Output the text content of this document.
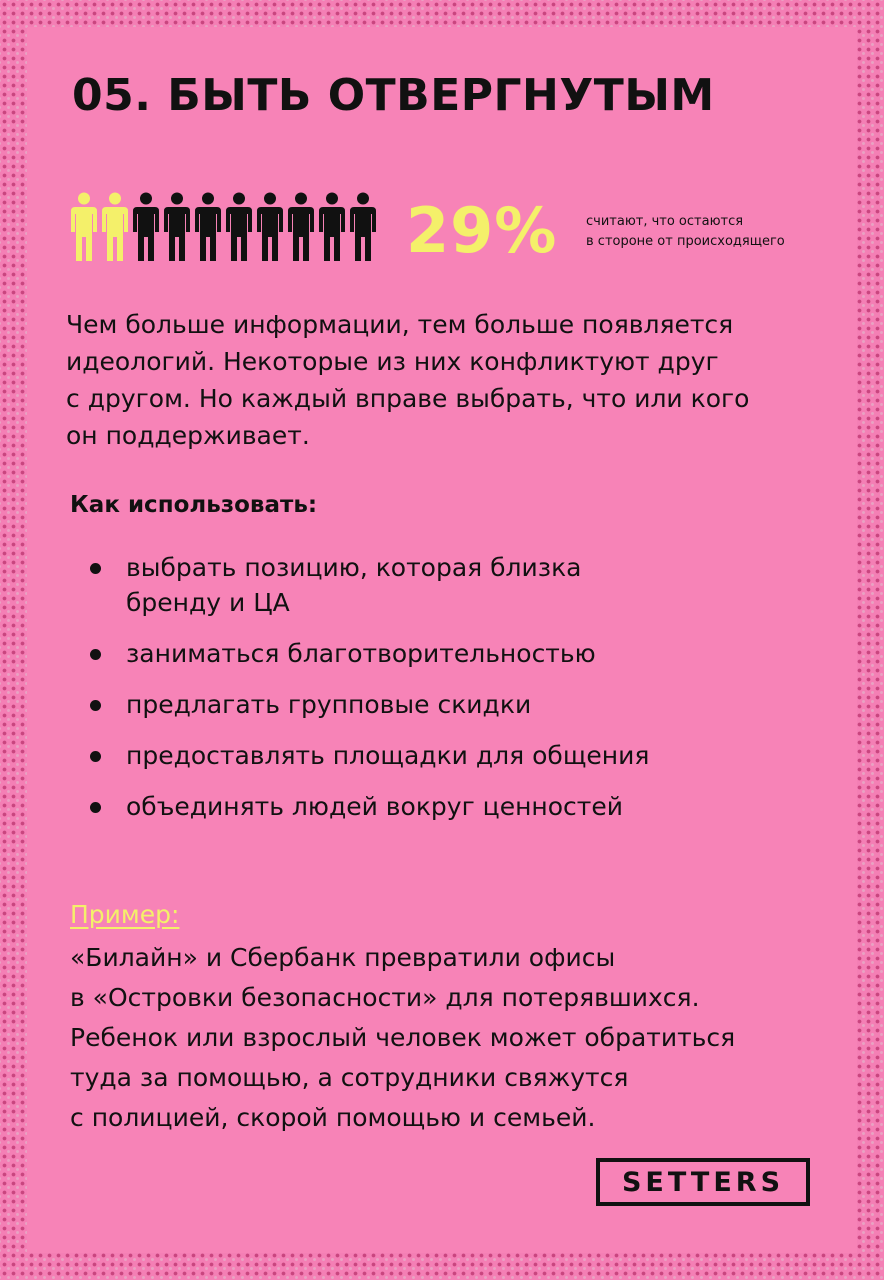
05. БЫТЬ ОТВЕРГНУТЫМ
29% считают, что остаются
в стороне от происходящего
Чем больше информации, тем больше появляется
идеологий. Некоторые из них конфликтуют друг
с другом. Но каждый вправе выбрать, что или кого
он поддерживает.
Как использовать:
выбрать позицию, которая близка
бренду и ЦА
заниматься благотворительностью
предлагать групповые скидки
предоставлять площадки для общения
объединять людей вокруг ценностей
Пример:
«Билайн» и Сбербанк превратили офисы
в «Островки безопасности» для потерявшихся.
Ребенок или взрослый человек может обратиться
туда за помощью, а сотрудники свяжутся
с полицией, скорой помощью и семьей.
SETTERS
